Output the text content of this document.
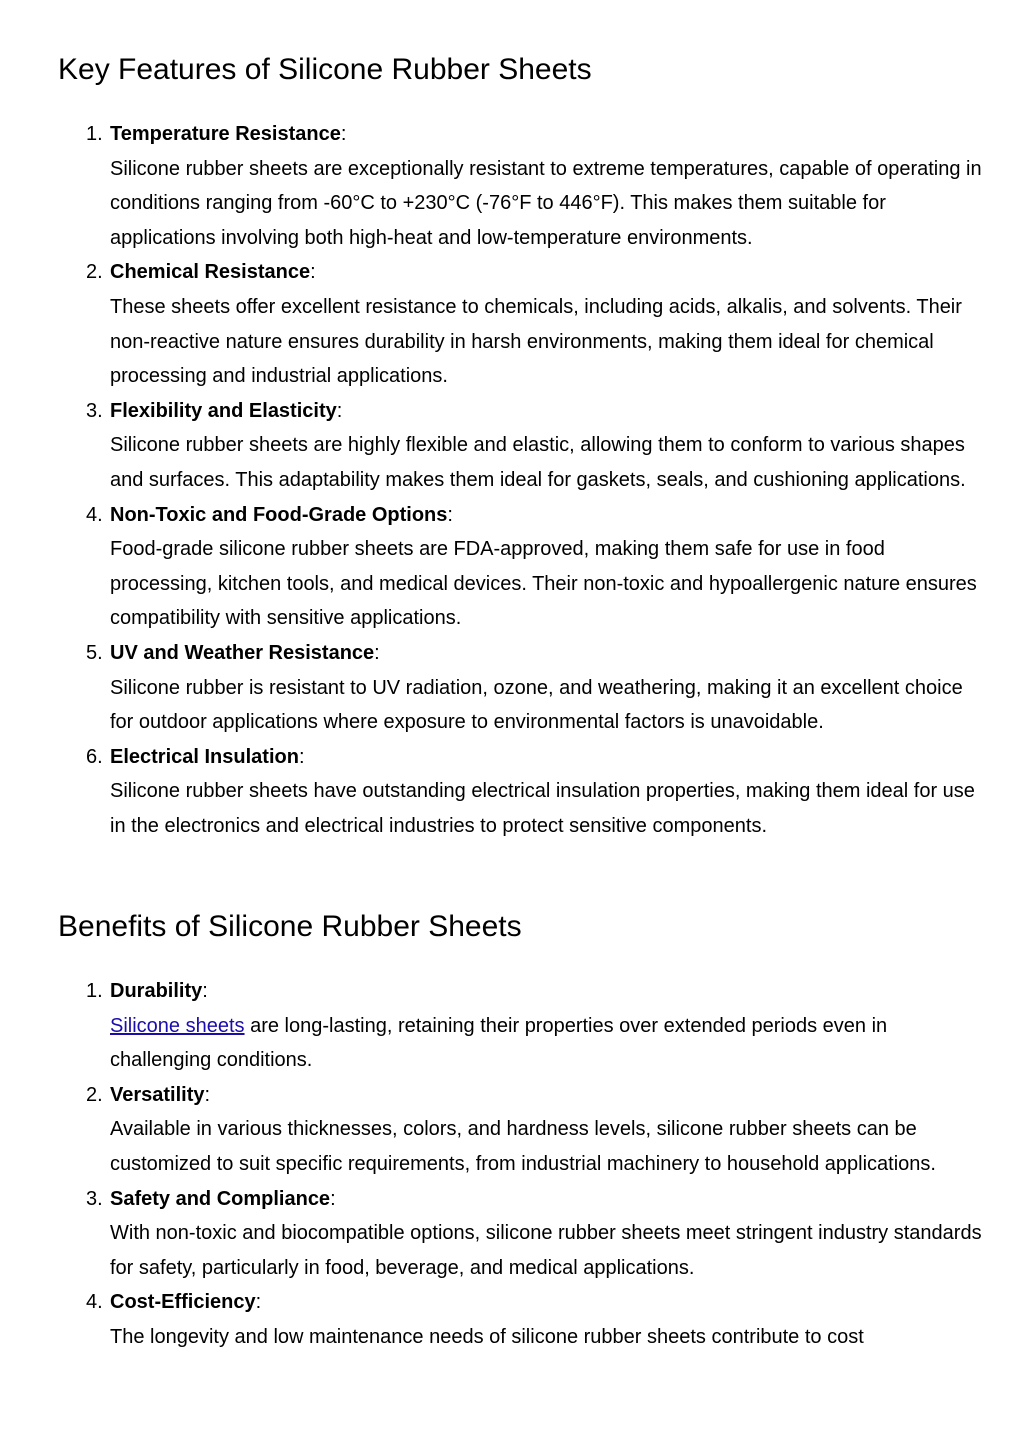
Key Features of Silicone Rubber Sheets
1. Temperature Resistance:
Silicone rubber sheets are exceptionally resistant to extreme temperatures, capable of operating in conditions ranging from -60°C to +230°C (-76°F to 446°F). This makes them suitable for applications involving both high-heat and low-temperature environments.
2. Chemical Resistance:
These sheets offer excellent resistance to chemicals, including acids, alkalis, and solvents. Their non-reactive nature ensures durability in harsh environments, making them ideal for chemical processing and industrial applications.
3. Flexibility and Elasticity:
Silicone rubber sheets are highly flexible and elastic, allowing them to conform to various shapes and surfaces. This adaptability makes them ideal for gaskets, seals, and cushioning applications.
4. Non-Toxic and Food-Grade Options:
Food-grade silicone rubber sheets are FDA-approved, making them safe for use in food processing, kitchen tools, and medical devices. Their non-toxic and hypoallergenic nature ensures compatibility with sensitive applications.
5. UV and Weather Resistance:
Silicone rubber is resistant to UV radiation, ozone, and weathering, making it an excellent choice for outdoor applications where exposure to environmental factors is unavoidable.
6. Electrical Insulation:
Silicone rubber sheets have outstanding electrical insulation properties, making them ideal for use in the electronics and electrical industries to protect sensitive components.
Benefits of Silicone Rubber Sheets
1. Durability:
Silicone sheets are long-lasting, retaining their properties over extended periods even in challenging conditions.
2. Versatility:
Available in various thicknesses, colors, and hardness levels, silicone rubber sheets can be customized to suit specific requirements, from industrial machinery to household applications.
3. Safety and Compliance:
With non-toxic and biocompatible options, silicone rubber sheets meet stringent industry standards for safety, particularly in food, beverage, and medical applications.
4. Cost-Efficiency:
The longevity and low maintenance needs of silicone rubber sheets contribute to cost
